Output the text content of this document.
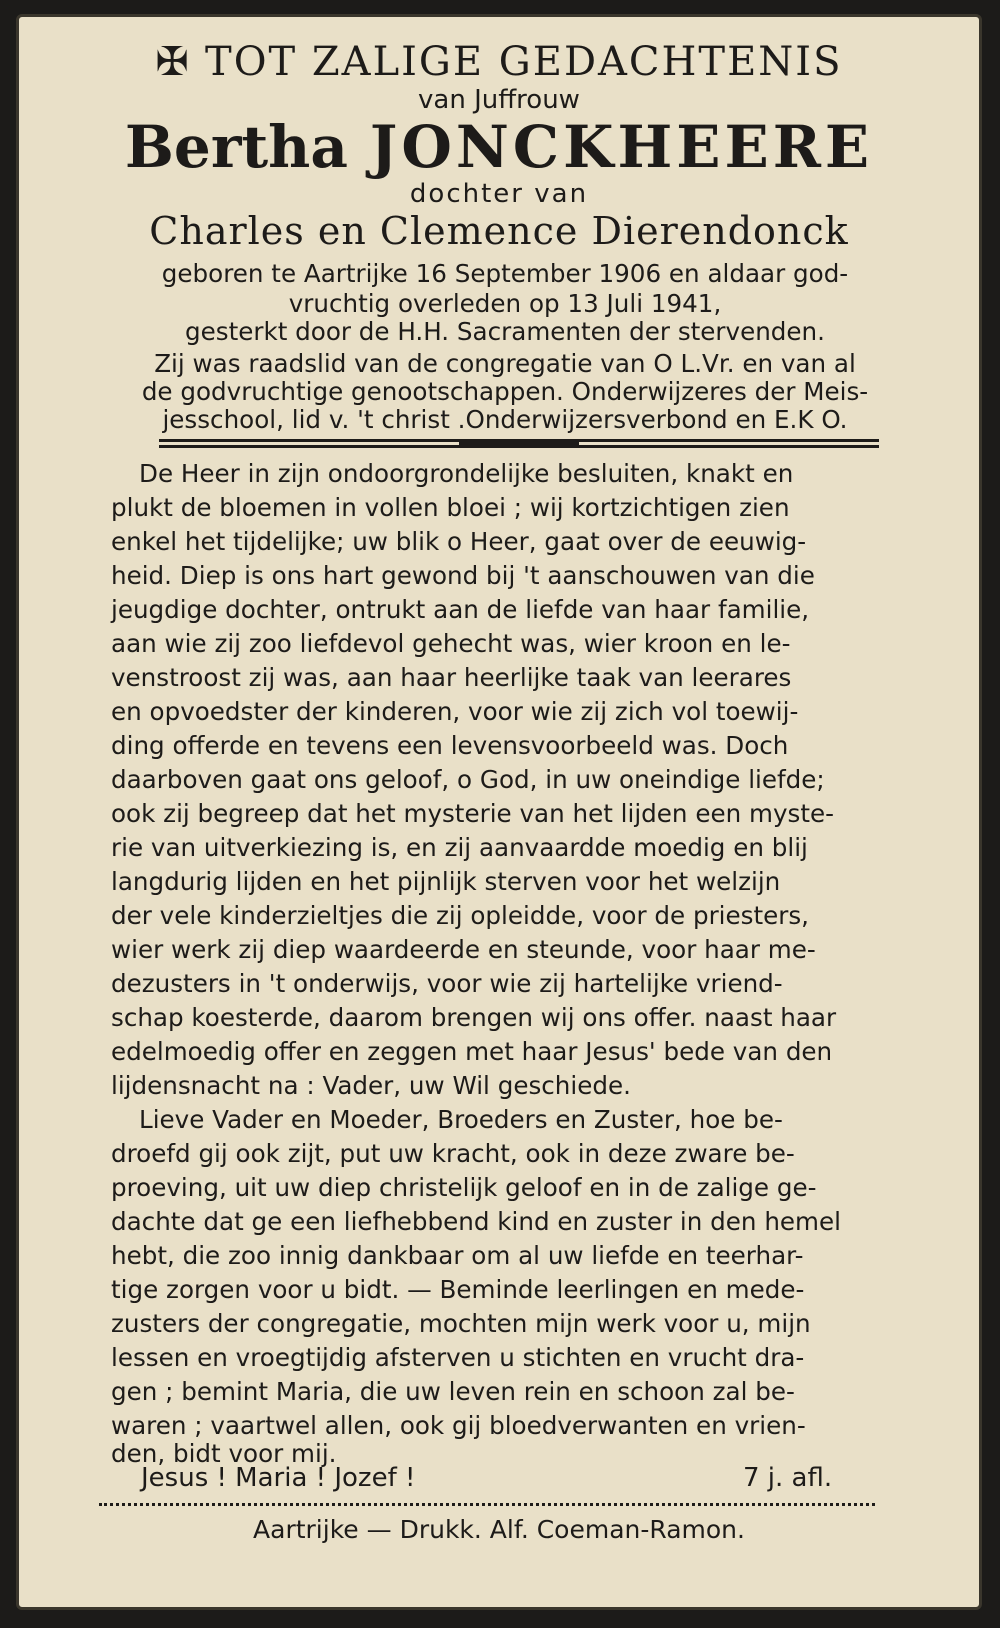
✠ TOT ZALIGE GEDACHTENIS
van Juffrouw
Bertha JONCKHEERE
dochter van
Charles en Clemence Dierendonck
geboren te Aartrijke 16 September 1906 en aldaar god-
vruchtig overleden op 13 Juli 1941,
gesterkt door de H.H. Sacramenten der stervenden.
Zij was raadslid van de congregatie van O L.Vr. en van al
de godvruchtige genootschappen. Onderwijzeres der Meis-
jesschool, lid v. 't christ .Onderwijzersverbond en E.K O.
De Heer in zijn ondoorgrondelijke besluiten, knakt en
plukt de bloemen in vollen bloei ; wij kortzichtigen zien
enkel het tijdelijke; uw blik o Heer, gaat over de eeuwig-
heid. Diep is ons hart gewond bij 't aanschouwen van die
jeugdige dochter, ontrukt aan de liefde van haar familie,
aan wie zij zoo liefdevol gehecht was, wier kroon en le-
venstroost zij was, aan haar heerlijke taak van leerares
en opvoedster der kinderen, voor wie zij zich vol toewij-
ding offerde en tevens een levensvoorbeeld was. Doch
daarboven gaat ons geloof, o God, in uw oneindige liefde;
ook zij begreep dat het mysterie van het lijden een myste-
rie van uitverkiezing is, en zij aanvaardde moedig en blij
langdurig lijden en het pijnlijk sterven voor het welzijn
der vele kinderzieltjes die zij opleidde, voor de priesters,
wier werk zij diep waardeerde en steunde, voor haar me-
dezusters in 't onderwijs, voor wie zij hartelijke vriend-
schap koesterde, daarom brengen wij ons offer. naast haar
edelmoedig offer en zeggen met haar Jesus' bede van den
lijdensnacht na : Vader, uw Wil geschiede.
Lieve Vader en Moeder, Broeders en Zuster, hoe be-
droefd gij ook zijt, put uw kracht, ook in deze zware be-
proeving, uit uw diep christelijk geloof en in de zalige ge-
dachte dat ge een liefhebbend kind en zuster in den hemel
hebt, die zoo innig dankbaar om al uw liefde en teerhar-
tige zorgen voor u bidt. — Beminde leerlingen en mede-
zusters der congregatie, mochten mijn werk voor u, mijn
lessen en vroegtijdig afsterven u stichten en vrucht dra-
gen ; bemint Maria, die uw leven rein en schoon zal be-
waren ; vaartwel allen, ook gij bloedverwanten en vrien-
den, bidt voor mij.
Jesus ! Maria ! Jozef !	7 j. afl.
Aartrijke — Drukk. Alf. Coeman-Ramon.
